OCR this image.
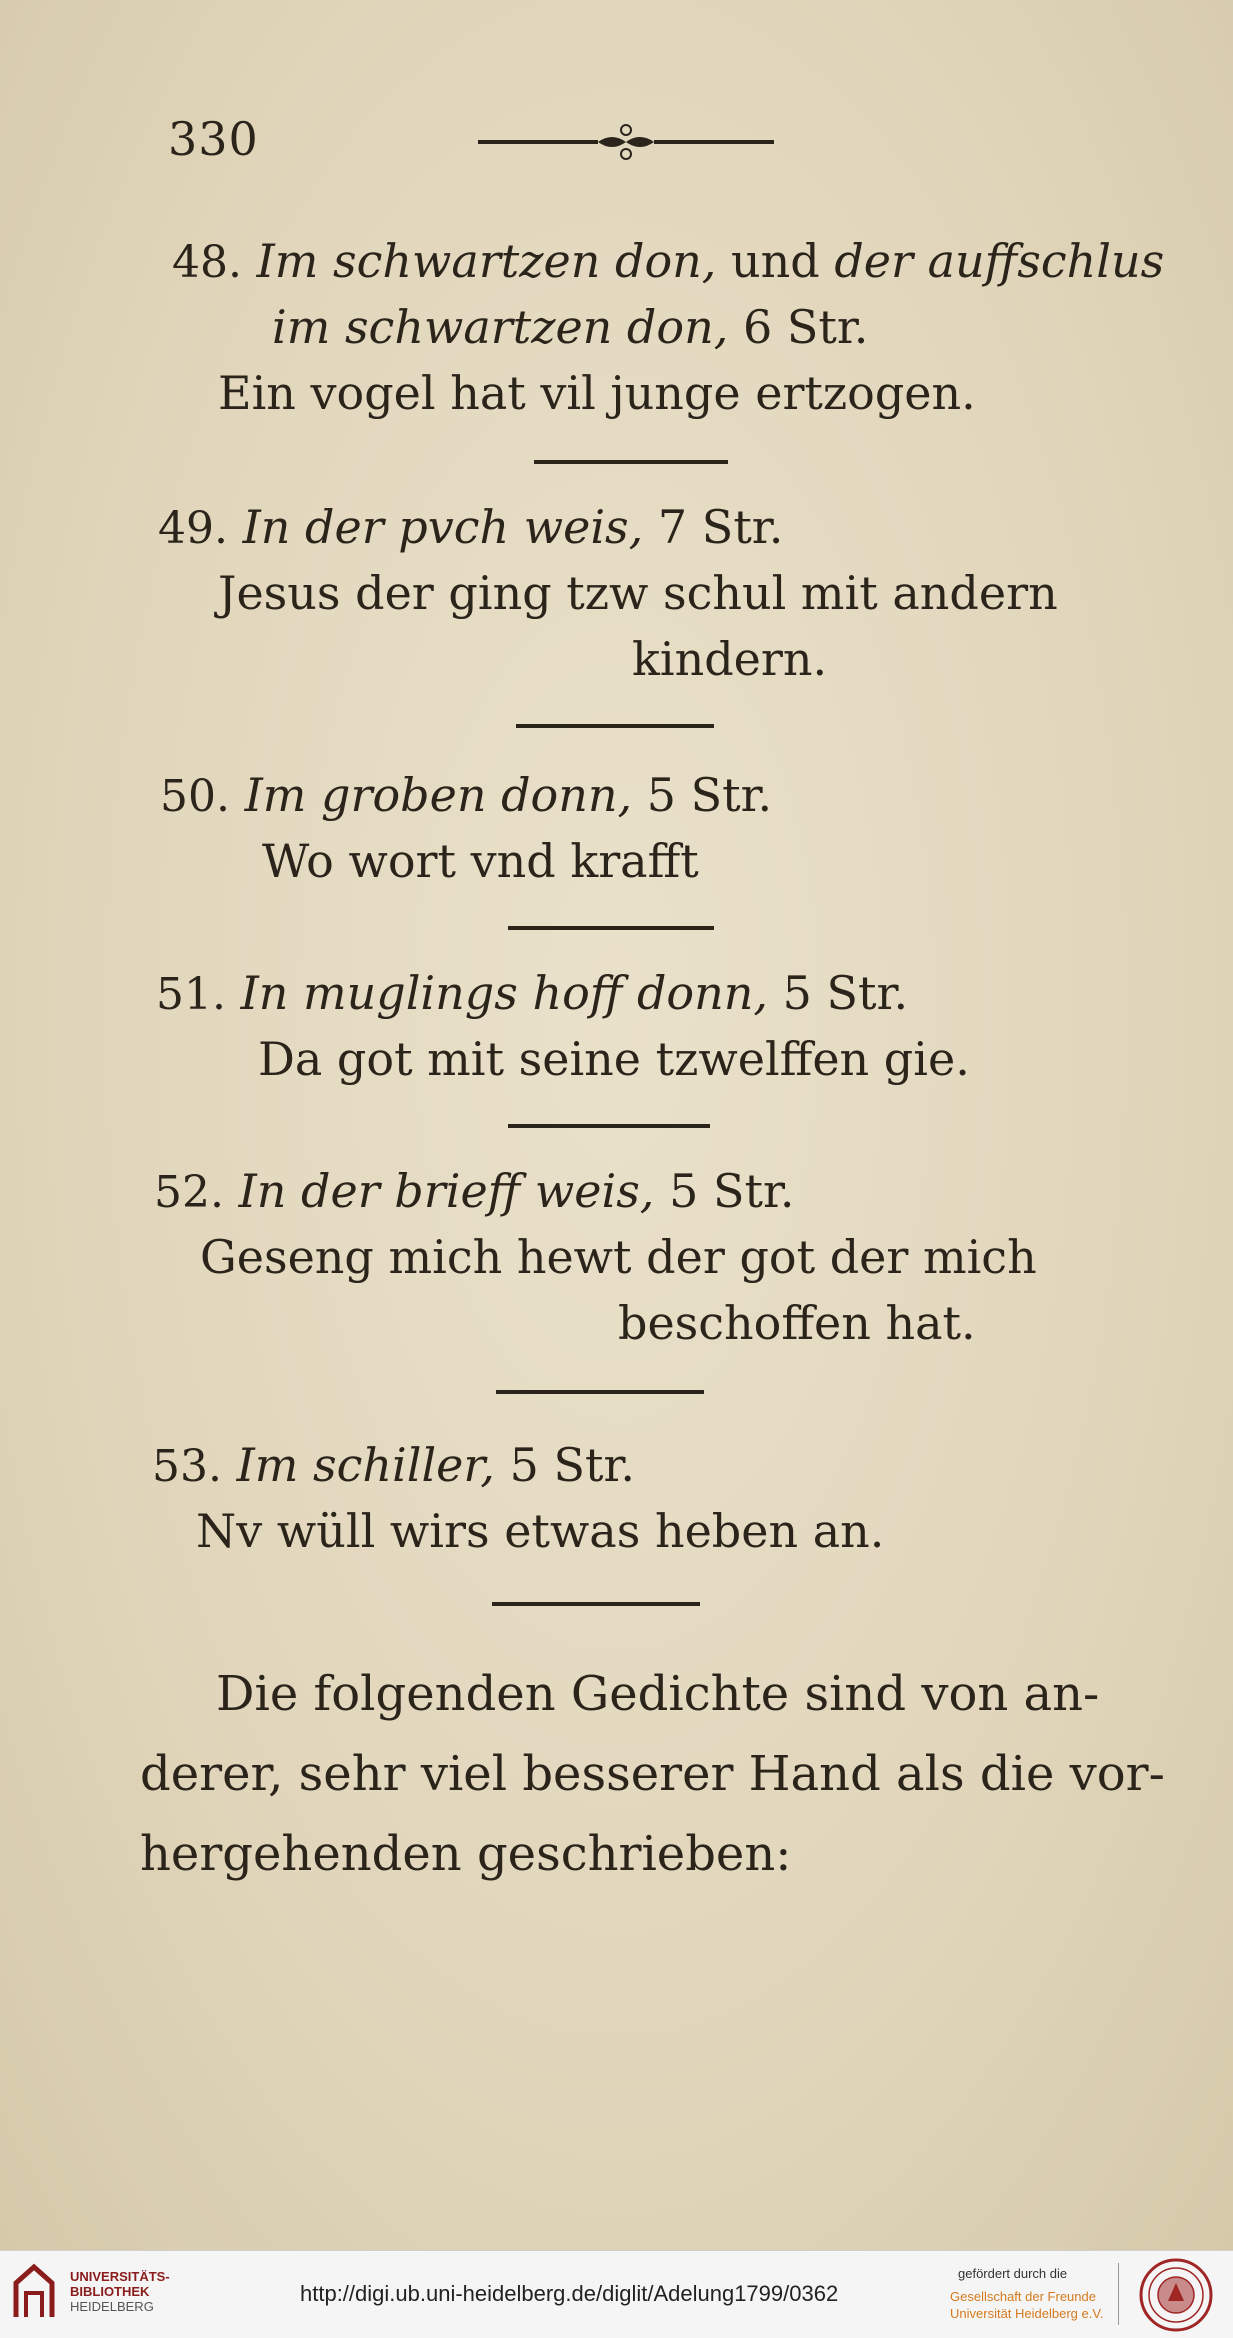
330
48. Im schwartzen don, und der auffschlus
im schwartzen don, 6 Str.
Ein vogel hat vil junge ertzogen.
49. In der pvch weis, 7 Str.
Jesus der ging tzw schul mit andern
kindern.
50. Im groben donn, 5 Str.
Wo wort vnd krafft
51. In muglings hoff donn, 5 Str.
Da got mit seine tzwelffen gie.
52. In der brieff weis, 5 Str.
Geseng mich hewt der got der mich
beschoffen hat.
53. Im schiller, 5 Str.
Nv wüll wirs etwas heben an.
Die folgenden Gedichte sind von an-
derer, sehr viel besserer Hand als die vor-
hergehenden geschrieben:
UNIVERSITÄTS-
BIBLIOTHEK
HEIDELBERG
http://digi.ub.uni-heidelberg.de/diglit/Adelung1799/0362
gefördert durch die
Gesellschaft der Freunde
Universität Heidelberg e.V.
